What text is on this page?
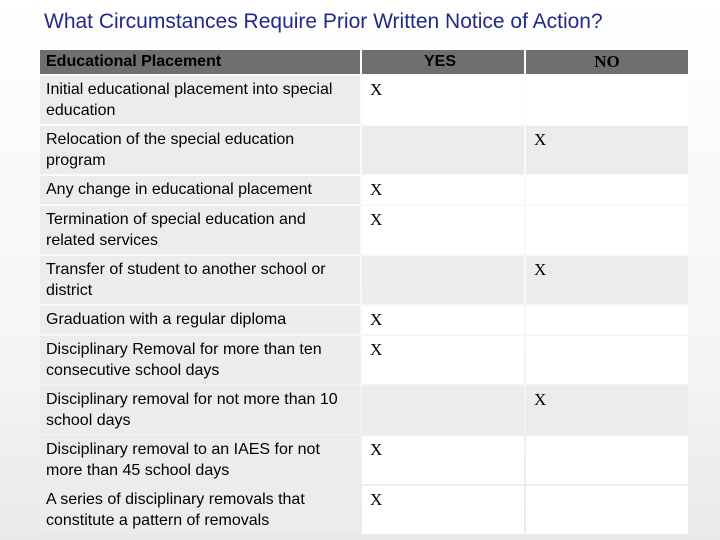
What Circumstances Require Prior Written Notice of Action?
Educational Placement	YES	NO
Initial educational placement into special education	X	
Relocation of the special education program		X
Any change in educational placement	X	
Termination of special education and related services	X	
Transfer of student to another school or district		X
Graduation with a regular diploma	X	
Disciplinary Removal for more than ten consecutive school days	X	
Disciplinary removal for not more than 10 school days		X
Disciplinary removal to an IAES for not more than 45 school days	X	
A series of disciplinary removals that constitute a pattern of removals	X	
